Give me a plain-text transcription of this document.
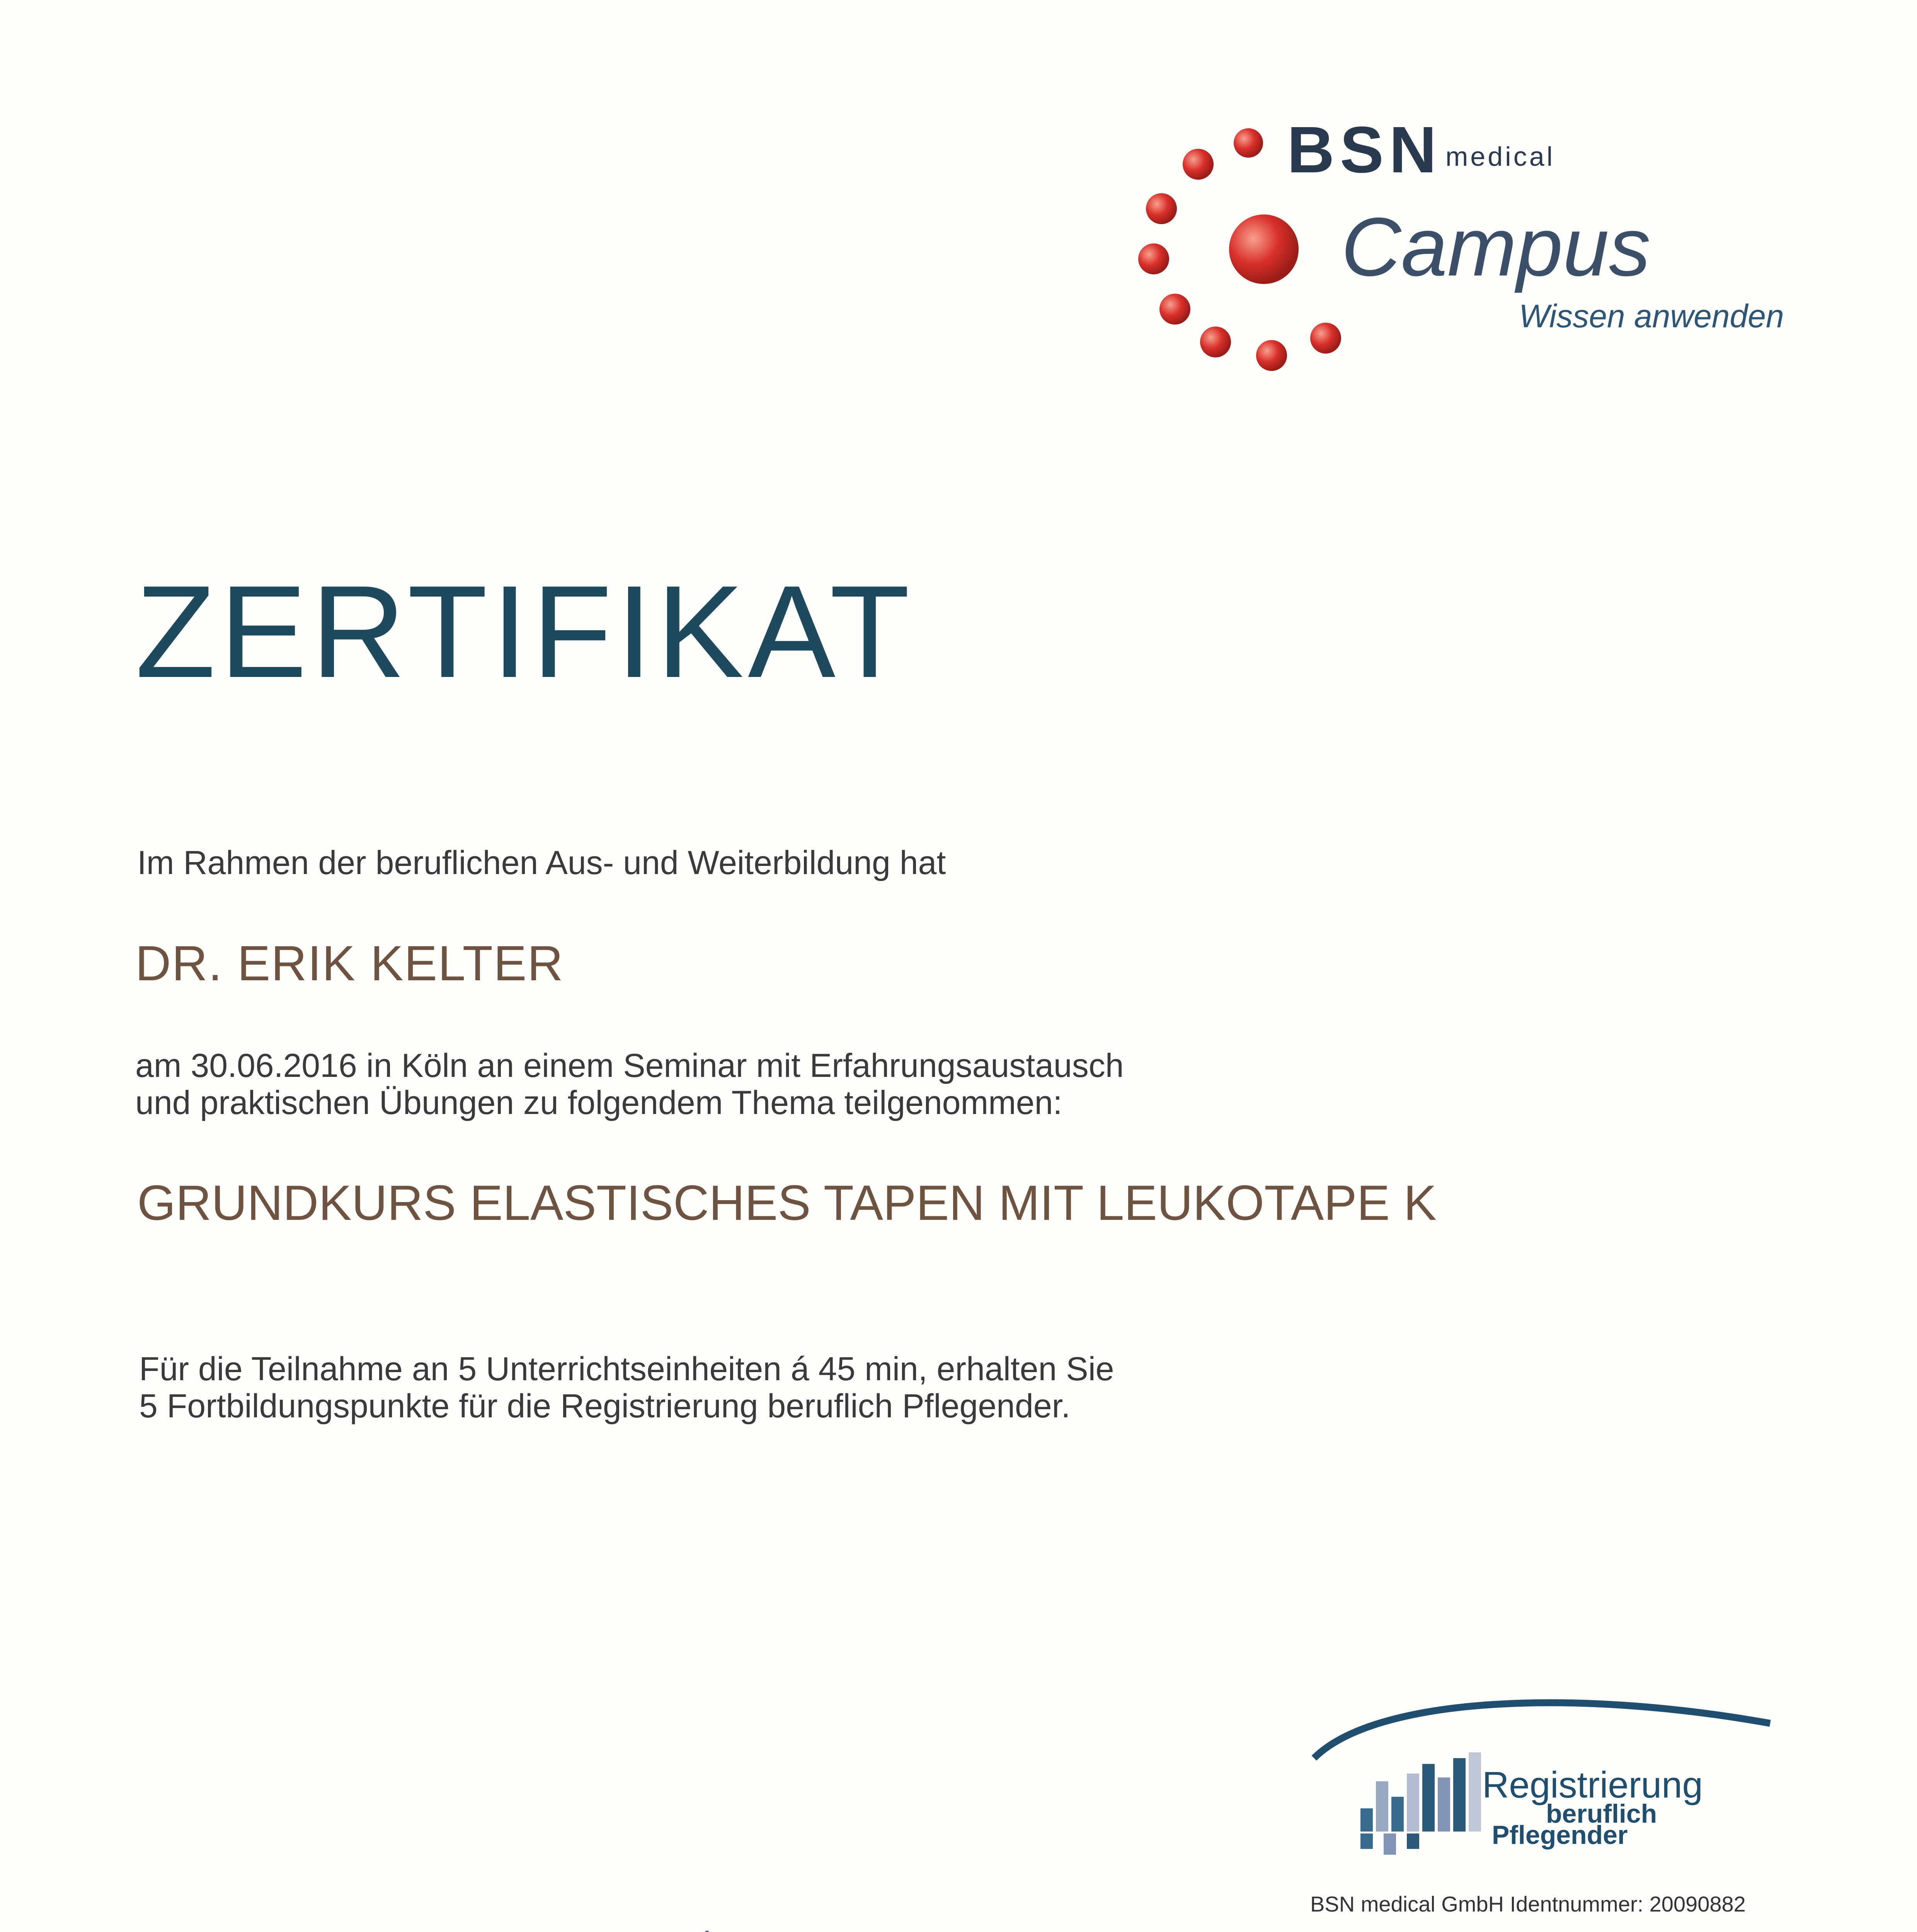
BSN medical
Campus
Wissen anwenden
ZERTIFIKAT
Im Rahmen der beruflichen Aus- und Weiterbildung hat
DR. ERIK KELTER
am 30.06.2016 in Köln an einem Seminar mit Erfahrungsaustausch
und praktischen Übungen zu folgendem Thema teilgenommen:
GRUNDKURS ELASTISCHES TAPEN MIT LEUKOTAPE K
Für die Teilnahme an 5 Unterrichtseinheiten á 45 min, erhalten Sie
5 Fortbildungspunkte für die Registrierung beruflich Pflegender.
Registrierung
beruflich
Pflegender
BSN medical GmbH Identnummer: 20090882
